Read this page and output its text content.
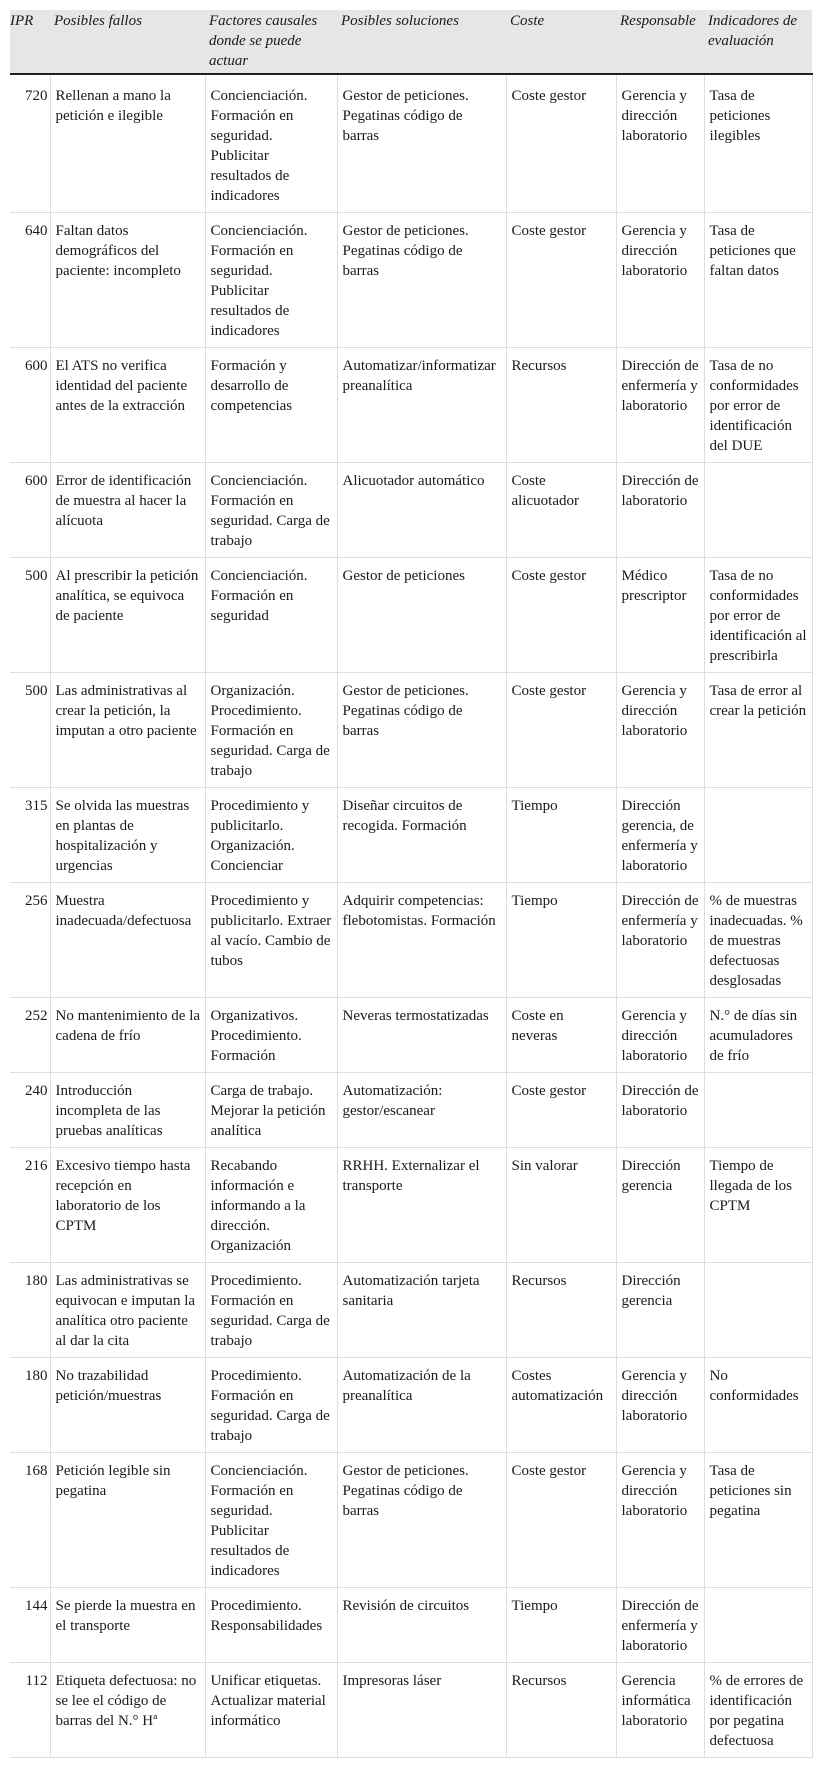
IPR	Posibles fallos	Factores causales donde se puede actuar	Posibles soluciones	Coste	Responsable	Indicadores de evaluación
720	Rellenan a mano la petición e ilegible	Concienciación. Formación en seguridad. Publicitar resultados de indicadores	Gestor de peticiones. Pegatinas código de barras	Coste gestor	Gerencia y dirección laboratorio	Tasa de peticiones ilegibles
640	Faltan datos demográficos del paciente: incompleto	Concienciación. Formación en seguridad. Publicitar resultados de indicadores	Gestor de peticiones. Pegatinas código de barras	Coste gestor	Gerencia y dirección laboratorio	Tasa de peticiones que faltan datos
600	El ATS no verifica identidad del paciente antes de la extracción	Formación y desarrollo de competencias	Automatizar/informatizar preanalítica	Recursos	Dirección de enfermería y laboratorio	Tasa de no conformidades por error de identificación del DUE
600	Error de identificación de muestra al hacer la alícuota	Concienciación. Formación en seguridad. Carga de trabajo	Alicuotador automático	Coste alicuotador	Dirección de laboratorio	
500	Al prescribir la petición analítica, se equivoca de paciente	Concienciación. Formación en seguridad	Gestor de peticiones	Coste gestor	Médico prescriptor	Tasa de no conformidades por error de identificación al prescribirla
500	Las administrativas al crear la petición, la imputan a otro paciente	Organización. Procedimiento. Formación en seguridad. Carga de trabajo	Gestor de peticiones. Pegatinas código de barras	Coste gestor	Gerencia y dirección laboratorio	Tasa de error al crear la petición
315	Se olvida las muestras en plantas de hospitalización y urgencias	Procedimiento y publicitarlo. Organización. Concienciar	Diseñar circuitos de recogida. Formación	Tiempo	Dirección gerencia, de enfermería y laboratorio	
256	Muestra inadecuada/defectuosa	Procedimiento y publicitarlo. Extraer al vacío. Cambio de tubos	Adquirir competencias: flebotomistas. Formación	Tiempo	Dirección de enfermería y laboratorio	% de muestras inadecuadas. % de muestras defectuosas desglosadas
252	No mantenimiento de la cadena de frío	Organizativos. Procedimiento. Formación	Neveras termostatizadas	Coste en neveras	Gerencia y dirección laboratorio	N.° de días sin acumuladores de frío
240	Introducción incompleta de las pruebas analíticas	Carga de trabajo. Mejorar la petición analítica	Automatización: gestor/escanear	Coste gestor	Dirección de laboratorio	
216	Excesivo tiempo hasta recepción en laboratorio de los CPTM	Recabando información e informando a la dirección. Organización	RRHH. Externalizar el transporte	Sin valorar	Dirección gerencia	Tiempo de llegada de los CPTM
180	Las administrativas se equivocan e imputan la analítica otro paciente al dar la cita	Procedimiento. Formación en seguridad. Carga de trabajo	Automatización tarjeta sanitaria	Recursos	Dirección gerencia	
180	No trazabilidad petición/muestras	Procedimiento. Formación en seguridad. Carga de trabajo	Automatización de la preanalítica	Costes automatización	Gerencia y dirección laboratorio	No conformidades
168	Petición legible sin pegatina	Concienciación. Formación en seguridad. Publicitar resultados de indicadores	Gestor de peticiones. Pegatinas código de barras	Coste gestor	Gerencia y dirección laboratorio	Tasa de peticiones sin pegatina
144	Se pierde la muestra en el transporte	Procedimiento. Responsabilidades	Revisión de circuitos	Tiempo	Dirección de enfermería y laboratorio	
112	Etiqueta defectuosa: no se lee el código de barras del N.° Hª	Unificar etiquetas. Actualizar material informático	Impresoras láser	Recursos	Gerencia informática laboratorio	% de errores de identificación por pegatina defectuosa
